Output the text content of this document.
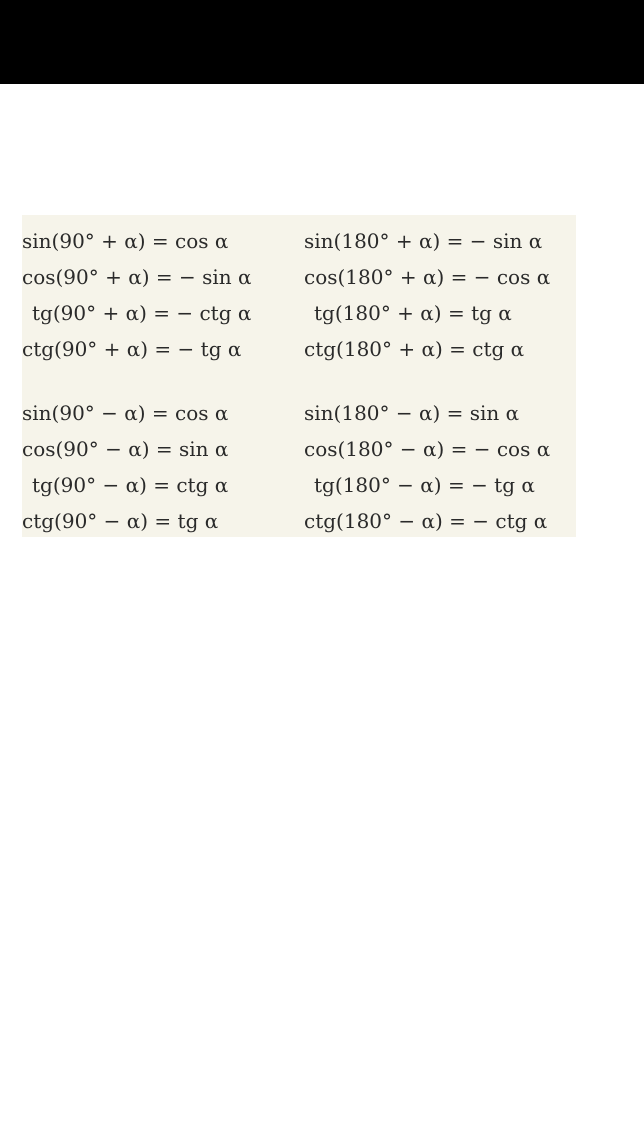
sin(90° + α) = cos α	sin(180° + α) = − sin α
cos(90° + α) = − sin α	cos(180° + α) = − cos α
tg(90° + α) = − ctg α	tg(180° + α) = tg α
ctg(90° + α) = − tg α	ctg(180° + α) = ctg α
sin(90° − α) = cos α	sin(180° − α) = sin α
cos(90° − α) = sin α	cos(180° − α) = − cos α
tg(90° − α) = ctg α	tg(180° − α) = − tg α
ctg(90° − α) = tg α	ctg(180° − α) = − ctg α
